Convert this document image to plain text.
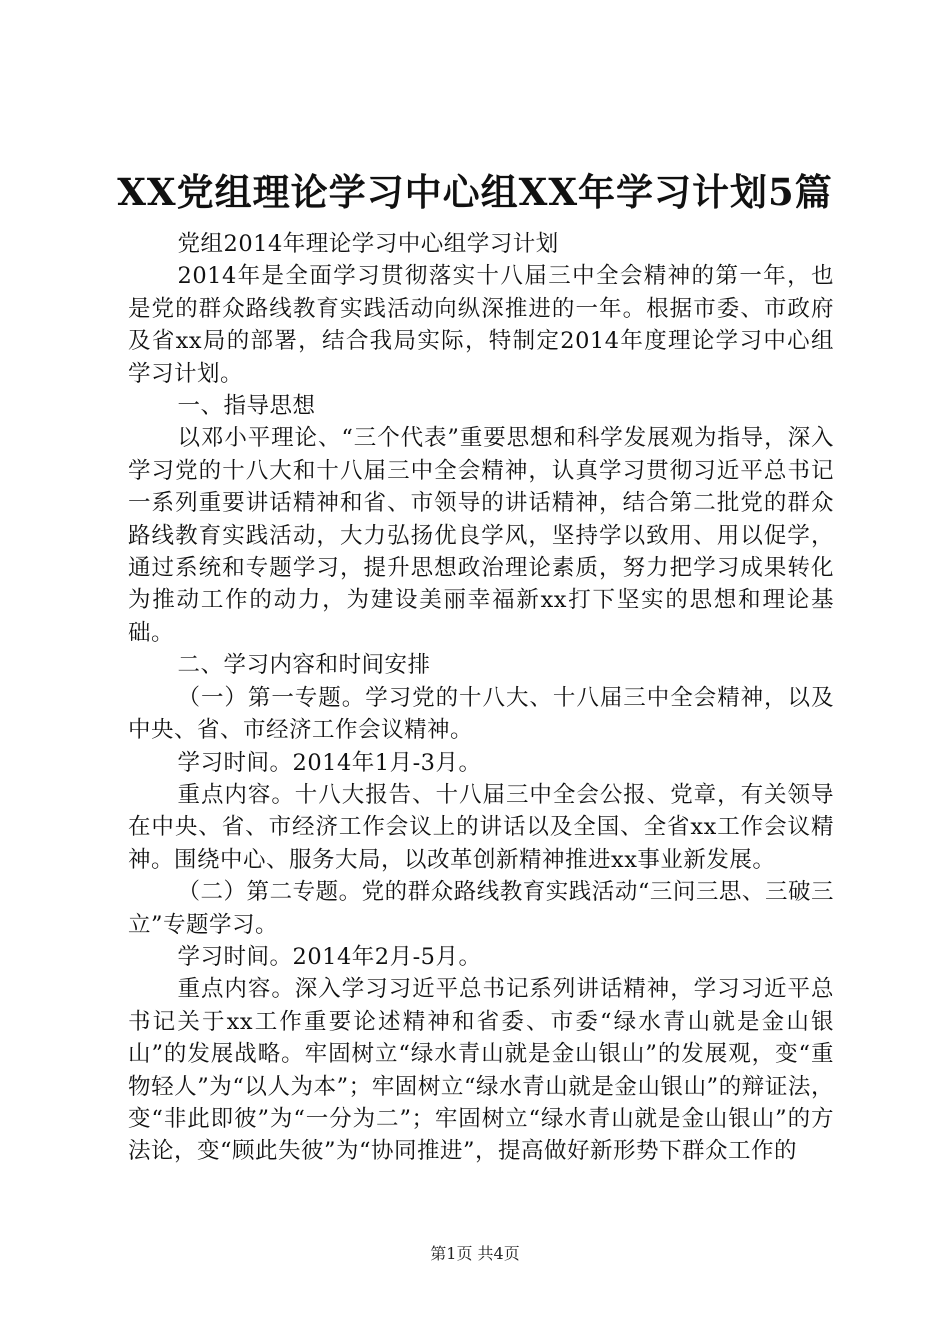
XX党组理论学习中心组XX年学习计划5篇

党组2014年理论学习中心组学习计划

2014年是全面学习贯彻落实十八届三中全会精神的第一年，也是党的群众路线教育实践活动向纵深推进的一年。根据市委、市政府及省xx局的部署，结合我局实际，特制定2014年度理论学习中心组学习计划。

一、指导思想

以邓小平理论、“三个代表”重要思想和科学发展观为指导，深入学习党的十八大和十八届三中全会精神，认真学习贯彻习近平总书记一系列重要讲话精神和省、市领导的讲话精神，结合第二批党的群众路线教育实践活动，大力弘扬优良学风，坚持学以致用、用以促学，通过系统和专题学习，提升思想政治理论素质，努力把学习成果转化为推动工作的动力，为建设美丽幸福新xx打下坚实的思想和理论基础。

二、学习内容和时间安排

（一）第一专题。学习党的十八大、十八届三中全会精神，以及中央、省、市经济工作会议精神。

学习时间。2014年1月-3月。

重点内容。十八大报告、十八届三中全会公报、党章，有关领导在中央、省、市经济工作会议上的讲话以及全国、全省xx工作会议精神。围绕中心、服务大局，以改革创新精神推进xx事业新发展。

（二）第二专题。党的群众路线教育实践活动“三问三思、三破三立”专题学习。

学习时间。2014年2月-5月。

重点内容。深入学习习近平总书记系列讲话精神，学习习近平总书记关于xx工作重要论述精神和省委、市委“绿水青山就是金山银山”的发展战略。牢固树立“绿水青山就是金山银山”的发展观，变“重物轻人”为“以人为本”；牢固树立“绿水青山就是金山银山”的辩证法，变“非此即彼”为“一分为二”；牢固树立“绿水青山就是金山银山”的方法论，变“顾此失彼”为“协同推进”，提高做好新形势下群众工作的

第1页 共4页
